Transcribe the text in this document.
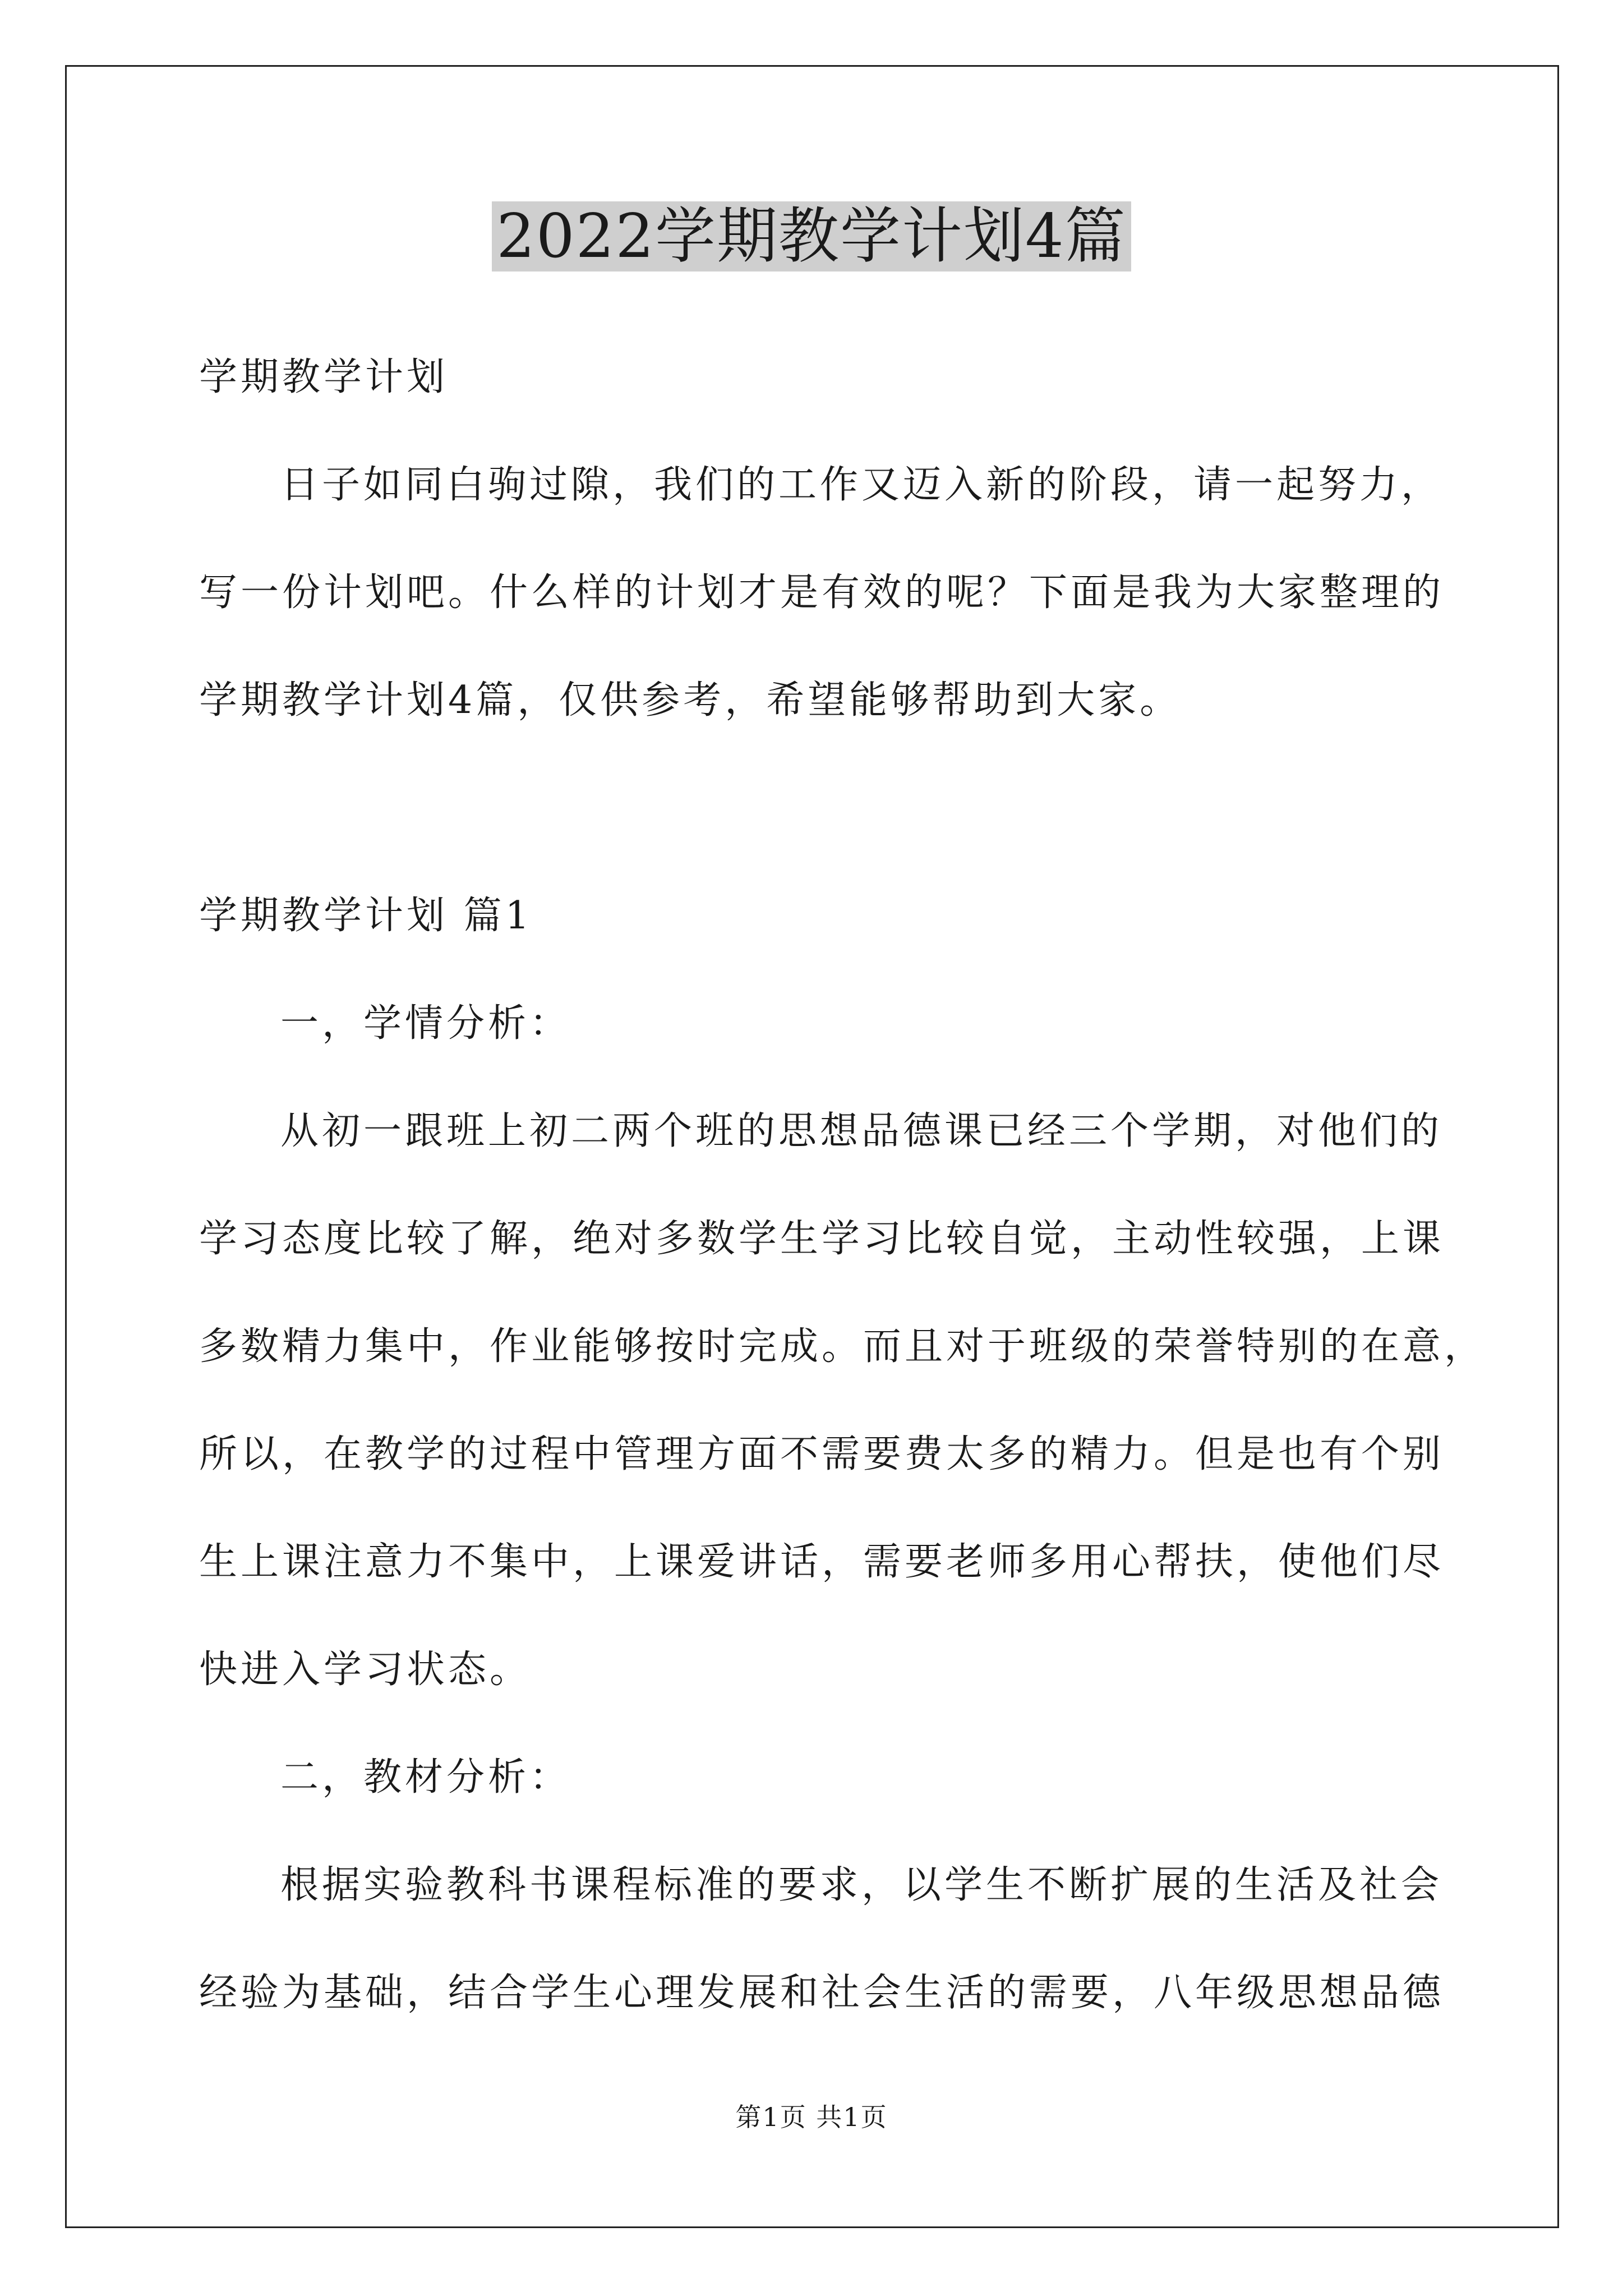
2022学期教学计划4篇
学期教学计划
日子如同白驹过隙，我们的工作又迈入新的阶段，请一起努力，
写一份计划吧。什么样的计划才是有效的呢？下面是我为大家整理的
学期教学计划4篇，仅供参考，希望能够帮助到大家。
学期教学计划 篇1
一，学情分析：
从初一跟班上初二两个班的思想品德课已经三个学期，对他们的
学习态度比较了解，绝对多数学生学习比较自觉，主动性较强，上课
多数精力集中，作业能够按时完成。而且对于班级的荣誉特别的在意，
所以，在教学的过程中管理方面不需要费太多的精力。但是也有个别
生上课注意力不集中，上课爱讲话，需要老师多用心帮扶，使他们尽
快进入学习状态。
二，教材分析：
根据实验教科书课程标准的要求，以学生不断扩展的生活及社会
经验为基础，结合学生心理发展和社会生活的需要，八年级思想品德
第1页 共1页
